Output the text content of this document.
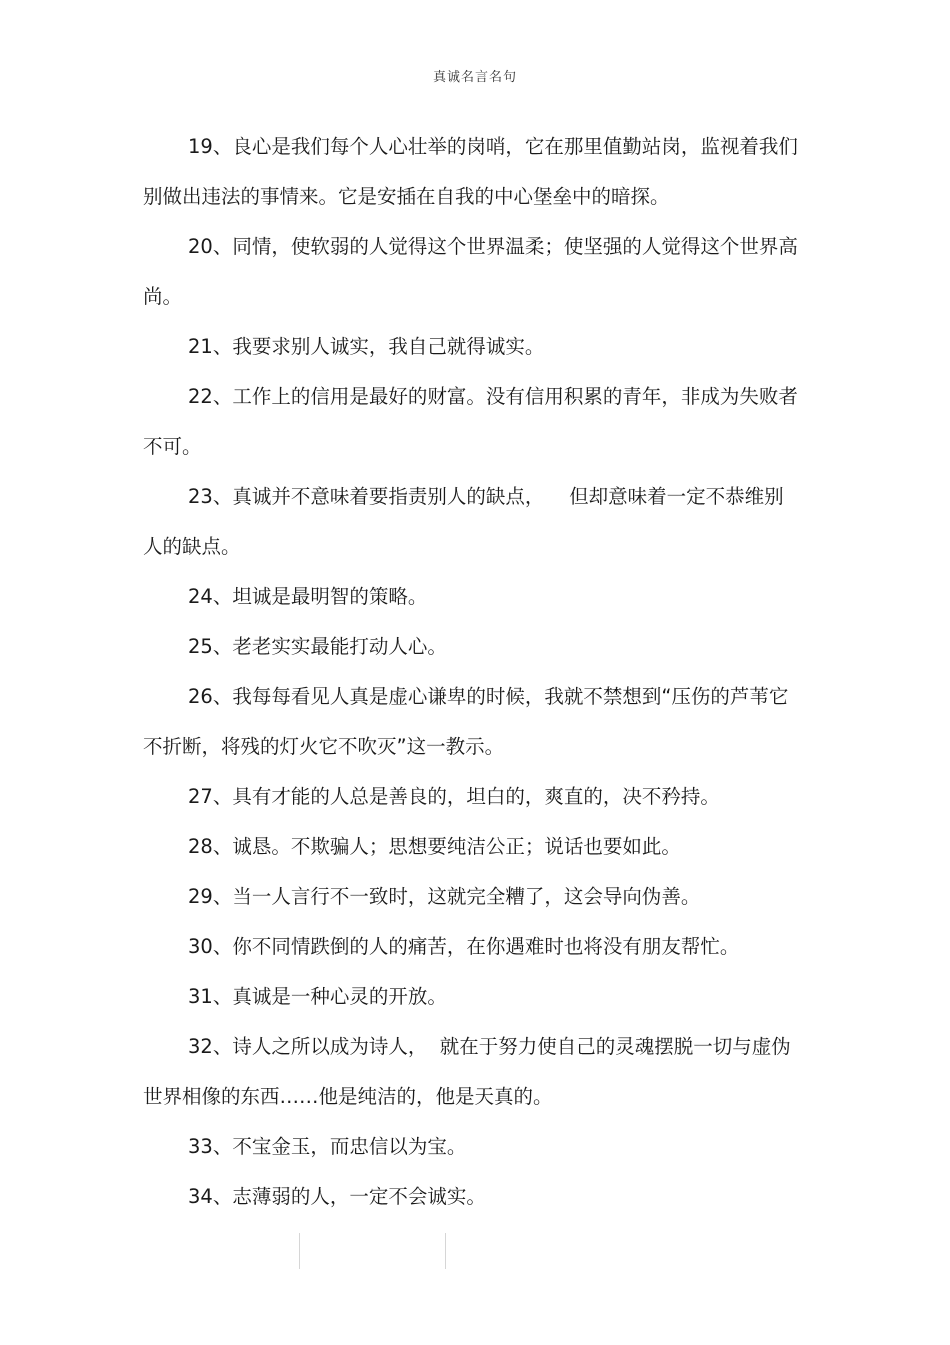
真诚名言名句

19、良心是我们每个人心壮举的岗哨，它在那里值勤站岗，监视着我们别做出违法的事情来。它是安插在自我的中心堡垒中的暗探。

20、同情，使软弱的人觉得这个世界温柔；使坚强的人觉得这个世界高尚。

21、我要求别人诚实，我自己就得诚实。

22、工作上的信用是最好的财富。没有信用积累的青年，非成为失败者不可。

23、真诚并不意味着要指责别人的缺点，    但却意味着一定不恭维别人的缺点。

24、坦诚是最明智的策略。

25、老老实实最能打动人心。

26、我每每看见人真是虚心谦卑的时候，我就不禁想到“压伤的芦苇它不折断，将残的灯火它不吹灭”这一教示。

27、具有才能的人总是善良的，坦白的，爽直的，决不矜持。

28、诚恳。不欺骗人；思想要纯洁公正；说话也要如此。

29、当一人言行不一致时，这就完全糟了，这会导向伪善。

30、你不同情跌倒的人的痛苦，在你遇难时也将没有朋友帮忙。

31、真诚是一种心灵的开放。

32、诗人之所以成为诗人，  就在于努力使自己的灵魂摆脱一切与虚伪世界相像的东西……他是纯洁的，他是天真的。

33、不宝金玉，而忠信以为宝。

34、志薄弱的人，一定不会诚实。
